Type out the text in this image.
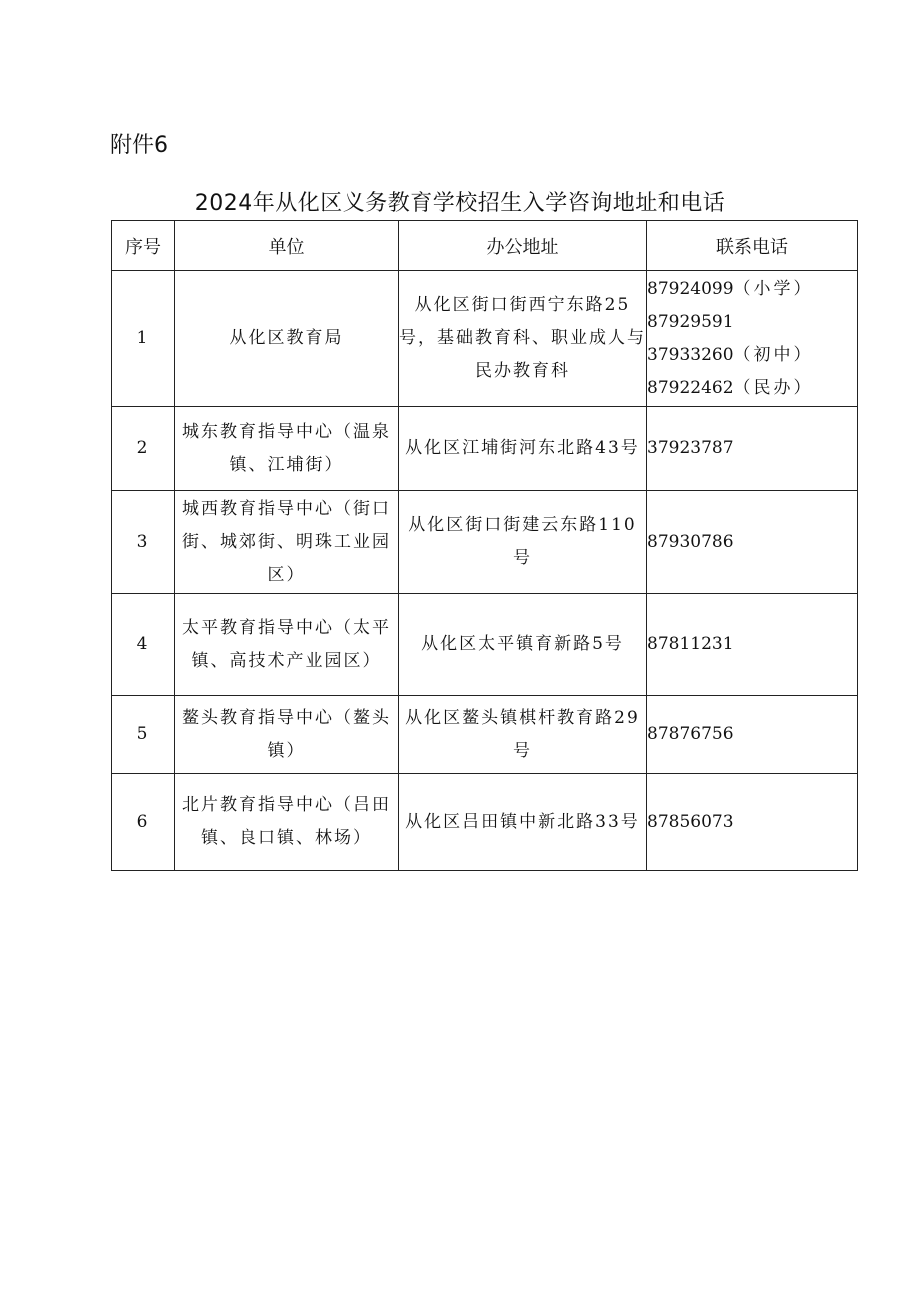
附件6
2024年从化区义务教育学校招生入学咨询地址和电话
序号	单位	办公地址	联系电话
1	从化区教育局	从化区街口街西宁东路25号，基础教育科、职业成人与民办教育科	87924099（小学）
87929591
37933260（初中）
87922462（民办）

2	城东教育指导中心（温泉镇、江埔街）	从化区江埔街河东北路43号	37923787

3	城西教育指导中心（街口街、城郊街、明珠工业园区）	从化区街口街建云东路110号	87930786

4	太平教育指导中心（太平镇、高技术产业园区）	从化区太平镇育新路5号	87811231

5	鳌头教育指导中心（鳌头镇）	从化区鳌头镇棋杆教育路29号	87876756

6	北片教育指导中心（吕田镇、良口镇、林场）	从化区吕田镇中新北路33号	87856073
